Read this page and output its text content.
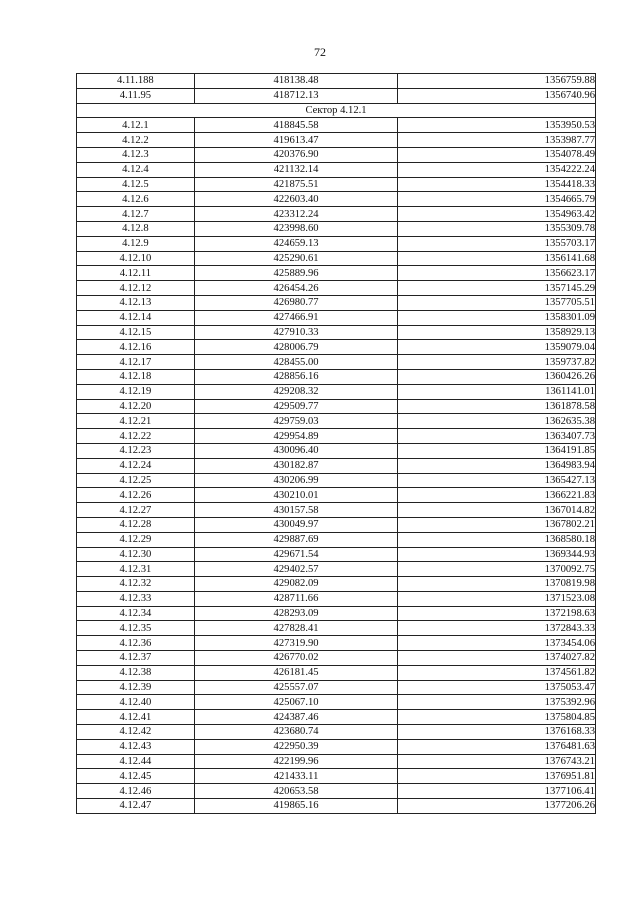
72
4.11.188	418138.48	1356759.88
4.11.95	418712.13	1356740.96
Сектор 4.12.1		
4.12.1	418845.58	1353950.53
4.12.2	419613.47	1353987.77
4.12.3	420376.90	1354078.49
4.12.4	421132.14	1354222.24
4.12.5	421875.51	1354418.33
4.12.6	422603.40	1354665.79
4.12.7	423312.24	1354963.42
4.12.8	423998.60	1355309.78
4.12.9	424659.13	1355703.17
4.12.10	425290.61	1356141.68
4.12.11	425889.96	1356623.17
4.12.12	426454.26	1357145.29
4.12.13	426980.77	1357705.51
4.12.14	427466.91	1358301.09
4.12.15	427910.33	1358929.13
4.12.16	428006.79	1359079.04
4.12.17	428455.00	1359737.82
4.12.18	428856.16	1360426.26
4.12.19	429208.32	1361141.01
4.12.20	429509.77	1361878.58
4.12.21	429759.03	1362635.38
4.12.22	429954.89	1363407.73
4.12.23	430096.40	1364191.85
4.12.24	430182.87	1364983.94
4.12.25	430206.99	1365427.13
4.12.26	430210.01	1366221.83
4.12.27	430157.58	1367014.82
4.12.28	430049.97	1367802.21
4.12.29	429887.69	1368580.18
4.12.30	429671.54	1369344.93
4.12.31	429402.57	1370092.75
4.12.32	429082.09	1370819.98
4.12.33	428711.66	1371523.08
4.12.34	428293.09	1372198.63
4.12.35	427828.41	1372843.33
4.12.36	427319.90	1373454.06
4.12.37	426770.02	1374027.82
4.12.38	426181.45	1374561.82
4.12.39	425557.07	1375053.47
4.12.40	425067.10	1375392.96
4.12.41	424387.46	1375804.85
4.12.42	423680.74	1376168.33
4.12.43	422950.39	1376481.63
4.12.44	422199.96	1376743.21
4.12.45	421433.11	1376951.81
4.12.46	420653.58	1377106.41
4.12.47	419865.16	1377206.26
